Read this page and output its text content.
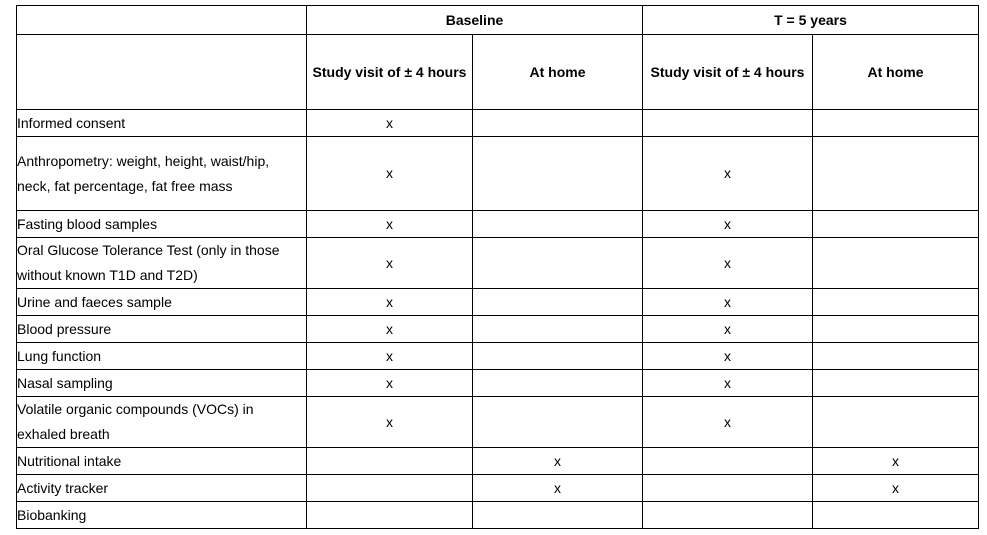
	Baseline		T = 5 years	
	Study visit of ± 4 hours	At home	Study visit of ± 4 hours	At home
Informed consent	x			
Anthropometry: weight, height, waist/hip, neck, fat percentage, fat free mass	x		x	
Fasting blood samples	x		x	
Oral Glucose Tolerance Test (only in those without known T1D and T2D)	x		x	
Urine and faeces sample	x		x	
Blood pressure	x		x	
Lung function	x		x	
Nasal sampling	x		x	
Volatile organic compounds (VOCs) in exhaled breath	x		x	
Nutritional intake		x		x
Activity tracker		x		x
Biobanking				
